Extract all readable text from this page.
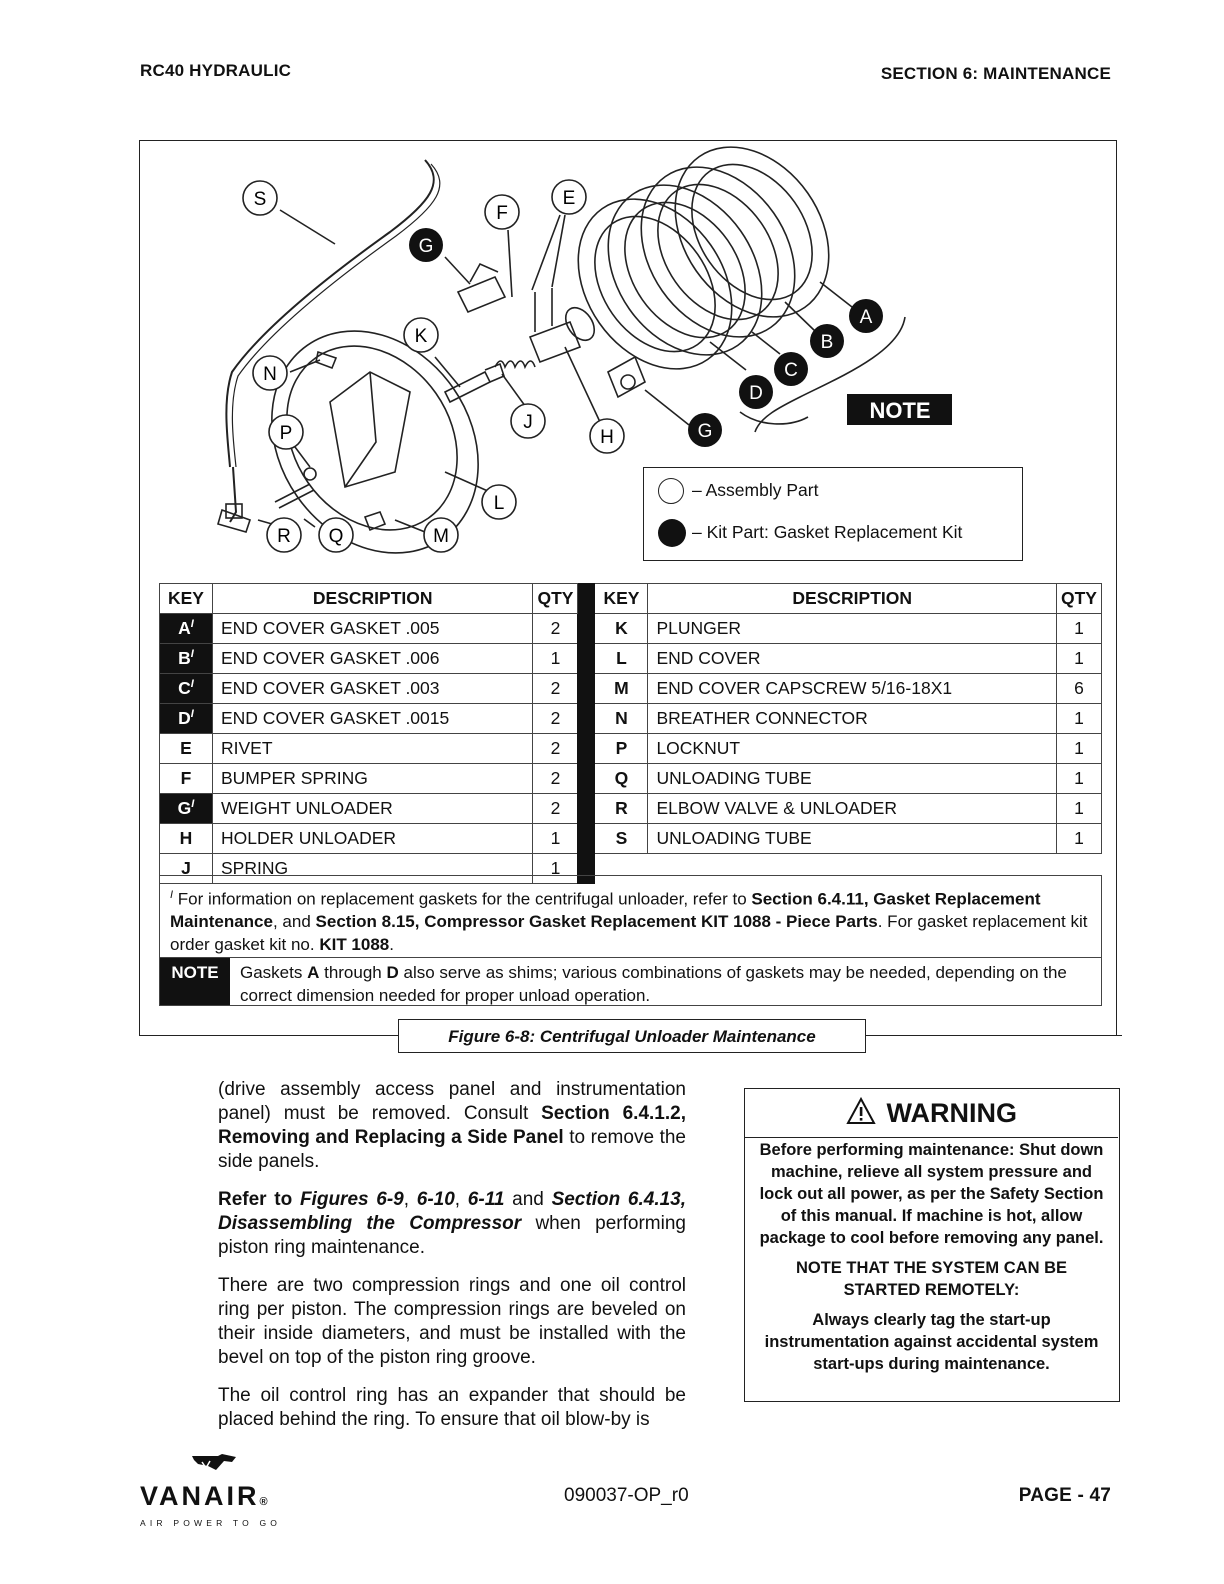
RC40 HYDRAULIC	SECTION 6: MAINTENANCE
S
F
E
K
N
P
J
H
L
R Q	M
G
G
A
B
C
D
NOTE
– Assembly Part
– Kit Part: Gasket Replacement Kit
KEY	DESCRIPTION	QTY		KEY	DESCRIPTION	QTY
$A^I$	END COVER GASKET .005	2		K	PLUNGER	1
$B^I$	END COVER GASKET .006	1		L	END COVER	1
$C^I$	END COVER GASKET .003	2		M	END COVER CAPSCREW 5/16-18X1	6
$D^I$	END COVER GASKET .0015	2		N	BREATHER CONNECTOR	1
E	RIVET	2		P	LOCKNUT	1
F	BUMPER SPRING	2		Q	UNLOADING TUBE	1
$G^I$	WEIGHT UNLOADER	2		R	ELBOW VALVE & UNLOADER	1
H	HOLDER UNLOADER	1		S	UNLOADING TUBE	1
J	SPRING	1				
$^I$ For information on replacement gaskets for the centrifugal unloader, refer to Section 6.4.11, Gasket Replacement Maintenance, and Section 8.15, Compressor Gasket Replacement KIT 1088 - Piece Parts. For gasket replacement kit order gasket kit no. KIT 1088.
NOTE	Gaskets A through D also serve as shims; various combinations of gaskets may be needed, depending on the correct dimension needed for proper unload operation.
Figure 6-8: Centrifugal Unloader Maintenance

(drive assembly access panel and instrumentation panel) must be removed. Consult Section 6.4.1.2, Removing and Replacing a Side Panel to remove the side panels.

Refer to Figures 6-9, 6-10, 6-11 and Section 6.4.13, Disassembling the Compressor when performing piston ring maintenance.

There are two compression rings and one oil control ring per piston. The compression rings are beveled on their inside diameters, and must be installed with the bevel on top of the piston ring groove.

The oil control ring has an expander that should be placed behind the ring. To ensure that oil blow-by is

WARNING

Before performing maintenance: Shut down machine, relieve all system pressure and lock out all power, as per the Safety Section of this manual. If machine is hot, allow package to cool before removing any panel.

NOTE THAT THE SYSTEM CAN BE STARTED REMOTELY:

Always clearly tag the start-up instrumentation against accidental system start-ups during maintenance.

VANAIR®
AIR POWER TO GO
090037-OP_r0	PAGE - 47
